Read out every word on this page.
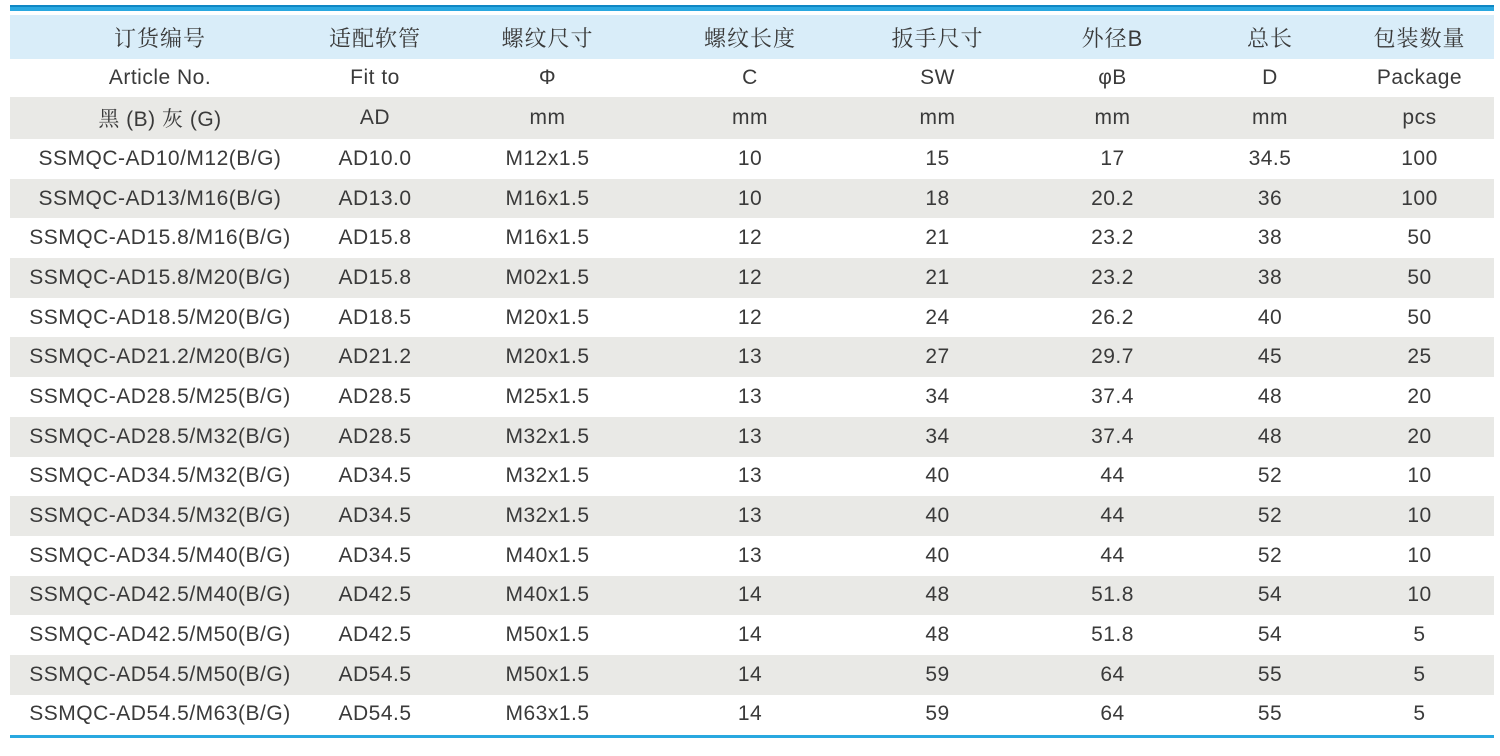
订货编号	适配软管	螺纹尺寸	螺纹长度	扳手尺寸	外径B	总长	包装数量
Article No.	Fit to	Φ	C	SW	φB	D	Package
黑 (B) 灰 (G)	AD	mm	mm	mm	mm	mm	pcs
SSMQC-AD10/M12(B/G)	AD10.0	M12x1.5	10	15	17	34.5	100
SSMQC-AD13/M16(B/G)	AD13.0	M16x1.5	10	18	20.2	36	100
SSMQC-AD15.8/M16(B/G)	AD15.8	M16x1.5	12	21	23.2	38	50
SSMQC-AD15.8/M20(B/G)	AD15.8	M02x1.5	12	21	23.2	38	50
SSMQC-AD18.5/M20(B/G)	AD18.5	M20x1.5	12	24	26.2	40	50
SSMQC-AD21.2/M20(B/G)	AD21.2	M20x1.5	13	27	29.7	45	25
SSMQC-AD28.5/M25(B/G)	AD28.5	M25x1.5	13	34	37.4	48	20
SSMQC-AD28.5/M32(B/G)	AD28.5	M32x1.5	13	34	37.4	48	20
SSMQC-AD34.5/M32(B/G)	AD34.5	M32x1.5	13	40	44	52	10
SSMQC-AD34.5/M32(B/G)	AD34.5	M32x1.5	13	40	44	52	10
SSMQC-AD34.5/M40(B/G)	AD34.5	M40x1.5	13	40	44	52	10
SSMQC-AD42.5/M40(B/G)	AD42.5	M40x1.5	14	48	51.8	54	10
SSMQC-AD42.5/M50(B/G)	AD42.5	M50x1.5	14	48	51.8	54	5
SSMQC-AD54.5/M50(B/G)	AD54.5	M50x1.5	14	59	64	55	5
SSMQC-AD54.5/M63(B/G)	AD54.5	M63x1.5	14	59	64	55	5
